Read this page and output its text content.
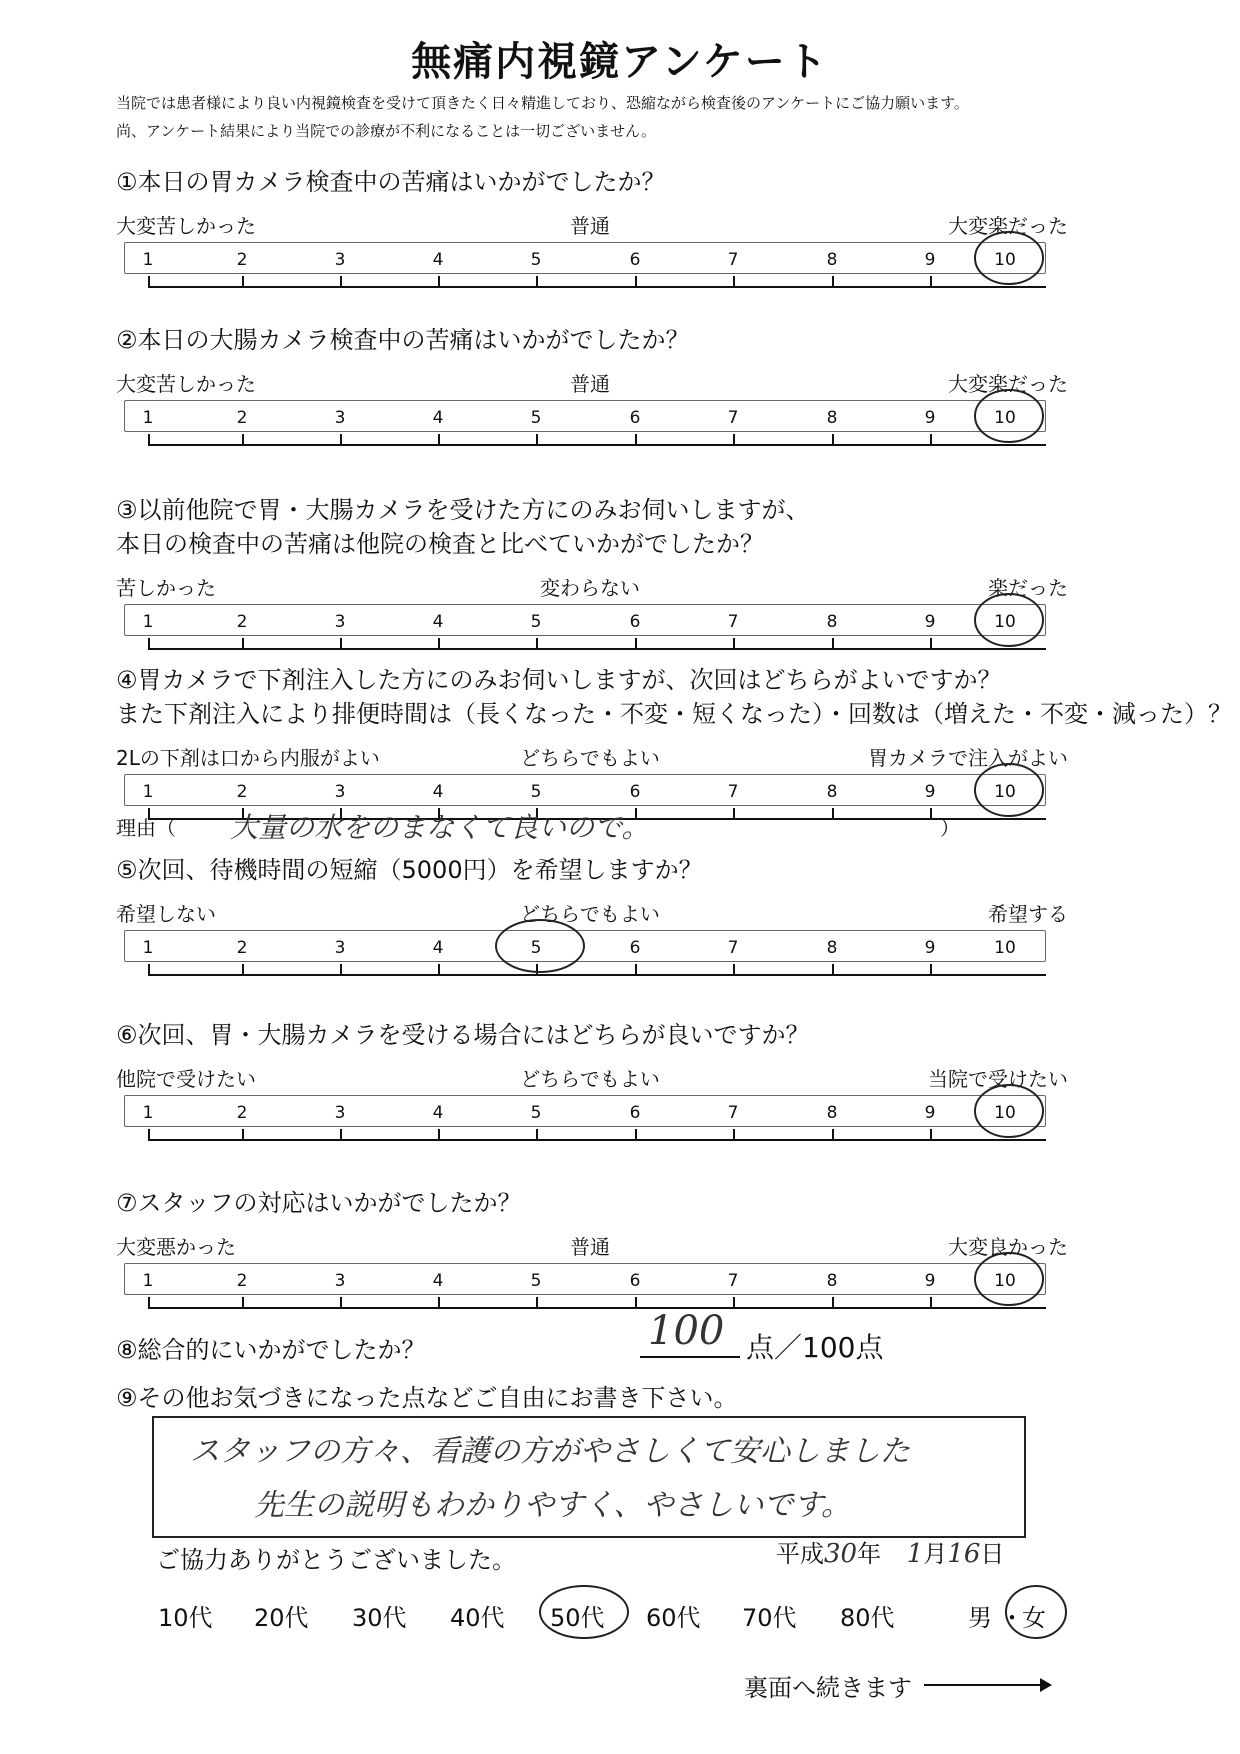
無痛内視鏡アンケート
当院では患者様により良い内視鏡検査を受けて頂きたく日々精進しており、恐縮ながら検査後のアンケートにご協力願います。
尚、アンケート結果により当院での診療が不利になることは一切ございません。
①本日の胃カメラ検査中の苦痛はいかがでしたか？
大変苦しかった	普通	大変楽だった
1	2	3	4	5	6	7	8	9	10
②本日の大腸カメラ検査中の苦痛はいかがでしたか？
大変苦しかった	普通	大変楽だった
1	2	3	4	5	6	7	8	9	10
③以前他院で胃・大腸カメラを受けた方にのみお伺いしますが、
本日の検査中の苦痛は他院の検査と比べていかがでしたか？
苦しかった	変わらない	楽だった
1	2	3	4	5	6	7	8	9	10
④胃カメラで下剤注入した方にのみお伺いしますが、次回はどちらがよいですか？
また下剤注入により排便時間は（長くなった・不変・短くなった）・回数は（増えた・不変・減った）？
2Lの下剤は口から内服がよい	どちらでもよい	胃カメラで注入がよい
1	2	3	4	5	6	7	8	9	10
⑤次回、待機時間の短縮（5000円）を希望しますか？
希望しない	どちらでもよい	希望する
1	2	3	4	5	6	7	8	9	10
⑥次回、胃・大腸カメラを受ける場合にはどちらが良いですか？
他院で受けたい	どちらでもよい	当院で受けたい
1	2	3	4	5	6	7	8	9	10
⑦スタッフの対応はいかがでしたか？
大変悪かった	普通	大変良かった
1	2	3	4	5	6	7	8	9	10
理由（ 大量の水をのまなくて良いので。	）
⑧総合的にいかがでしたか？	100 点／100点
⑨その他お気づきになった点などご自由にお書き下さい。
スタッフの方々、看護の方がやさしくて安心しました
先生の説明もわかりやすく、やさしいです。
ご協力ありがとうございました。	平成30年 1月16日
10代 20代 30代 40代 50代 60代 70代 80代	男 ・
女
裏面へ続きます
